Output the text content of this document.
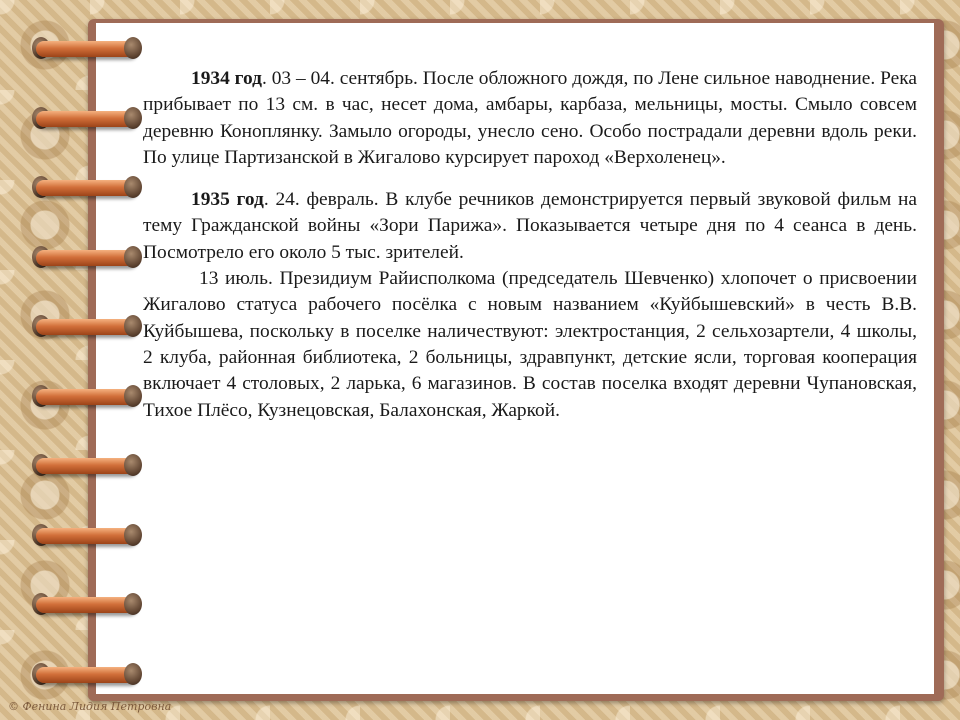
1934 год. 03 – 04. сентябрь. После обложного дождя, по Лене сильное наводнение. Река прибывает по 13 см. в час, несет дома, амбары, карбаза, мельницы, мосты. Смыло совсем деревню Коноплянку. Замыло огороды, унесло сено. Особо пострадали деревни вдоль реки. По улице Партизанской в Жигалово курсирует пароход «Верхоленец».

1935 год. 24. февраль. В клубе речников демонстрируется первый звуковой фильм на тему Гражданской войны «Зори Парижа». Показывается четыре дня по 4 сеанса в день. Посмотрело его около 5 тыс. зрителей.

13 июль. Президиум Райисполкома (председатель Шевченко) хлопочет о присвоении Жигалово статуса рабочего посёлка с новым названием «Куйбышевский» в честь В.В. Куйбышева, поскольку в поселке наличествуют: электростанция, 2 сельхозартели, 4 школы, 2 клуба, районная библиотека, 2 больницы, здравпункт, детские ясли, торговая кооперация включает 4 столовых, 2 ларька, 6 магазинов. В состав поселка входят деревни Чупановская, Тихое Плёсо, Кузнецовская, Балахонская, Жаркой.

© Фенина Лидия Петровна
